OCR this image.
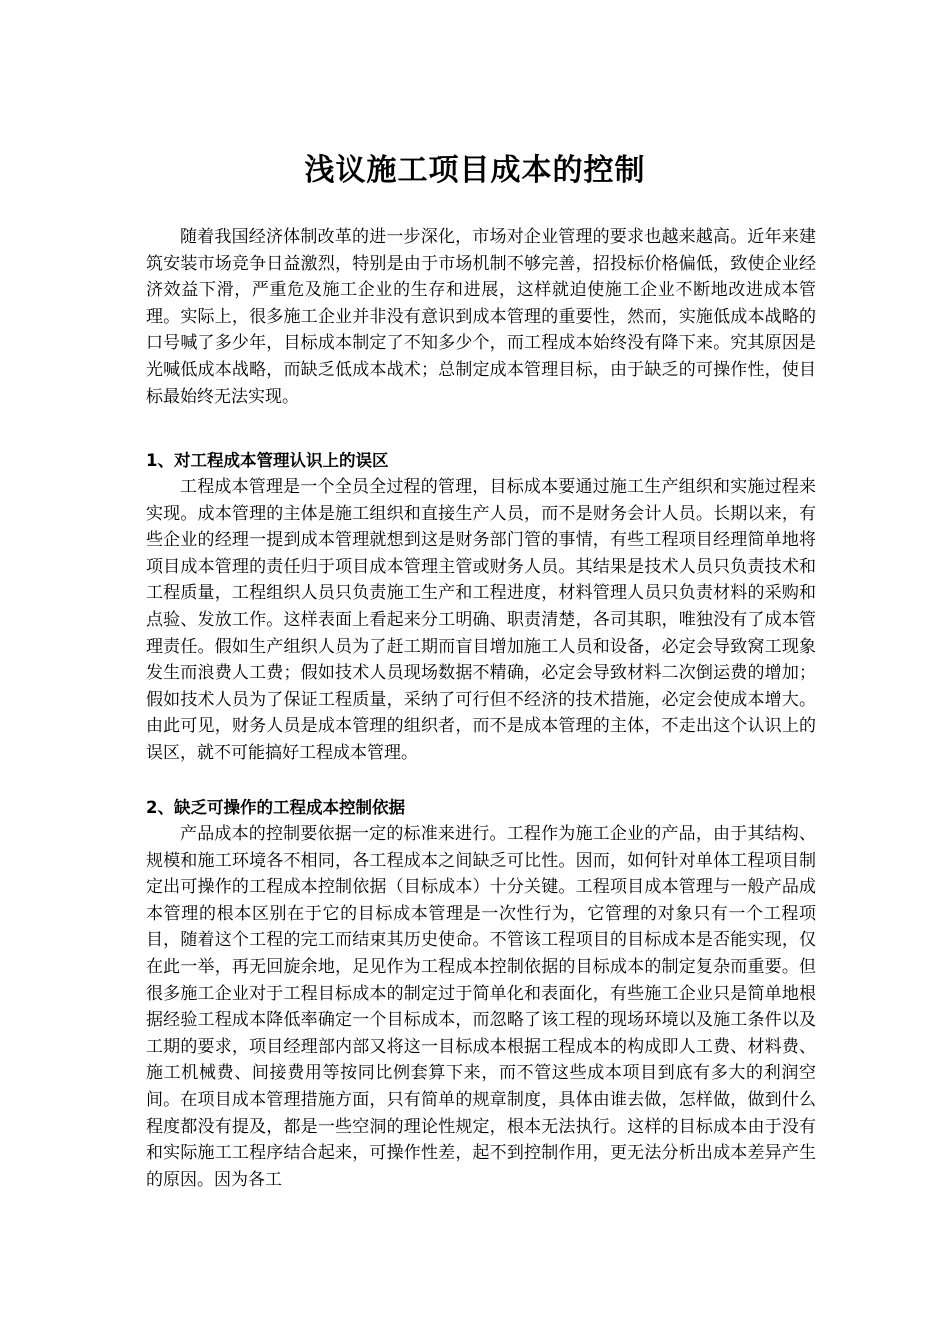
浅议施工项目成本的控制

随着我国经济体制改革的进一步深化，市场对企业管理的要求也越来越高。近年来建筑安装市场竞争日益激烈，特别是由于市场机制不够完善，招投标价格偏低，致使企业经济效益下滑，严重危及施工企业的生存和进展，这样就迫使施工企业不断地改进成本管理。实际上，很多施工企业并非没有意识到成本管理的重要性，然而，实施低成本战略的口号喊了多少年，目标成本制定了不知多少个，而工程成本始终没有降下来。究其原因是光喊低成本战略，而缺乏低成本战术；总制定成本管理目标，由于缺乏的可操作性，使目标最始终无法实现。

1、对工程成本管理认识上的误区

工程成本管理是一个全员全过程的管理，目标成本要通过施工生产组织和实施过程来实现。成本管理的主体是施工组织和直接生产人员，而不是财务会计人员。长期以来，有些企业的经理一提到成本管理就想到这是财务部门管的事情，有些工程项目经理简单地将项目成本管理的责任归于项目成本管理主管或财务人员。其结果是技术人员只负责技术和工程质量，工程组织人员只负责施工生产和工程进度，材料管理人员只负责材料的采购和点验、发放工作。这样表面上看起来分工明确、职责清楚，各司其职，唯独没有了成本管理责任。假如生产组织人员为了赶工期而盲目增加施工人员和设备，必定会导致窝工现象发生而浪费人工费；假如技术人员现场数据不精确，必定会导致材料二次倒运费的增加；假如技术人员为了保证工程质量，采纳了可行但不经济的技术措施，必定会使成本增大。由此可见，财务人员是成本管理的组织者，而不是成本管理的主体，不走出这个认识上的误区，就不可能搞好工程成本管理。

2、缺乏可操作的工程成本控制依据

产品成本的控制要依据一定的标准来进行。工程作为施工企业的产品，由于其结构、规模和施工环境各不相同，各工程成本之间缺乏可比性。因而，如何针对单体工程项目制定出可操作的工程成本控制依据（目标成本）十分关键。工程项目成本管理与一般产品成本管理的根本区别在于它的目标成本管理是一次性行为，它管理的对象只有一个工程项目，随着这个工程的完工而结束其历史使命。不管该工程项目的目标成本是否能实现，仅在此一举，再无回旋余地，足见作为工程成本控制依据的目标成本的制定复杂而重要。但很多施工企业对于工程目标成本的制定过于简单化和表面化，有些施工企业只是简单地根据经验工程成本降低率确定一个目标成本，而忽略了该工程的现场环境以及施工条件以及工期的要求，项目经理部内部又将这一目标成本根据工程成本的构成即人工费、材料费、施工机械费、间接费用等按同比例套算下来，而不管这些成本项目到底有多大的利润空间。在项目成本管理措施方面，只有简单的规章制度，具体由谁去做，怎样做，做到什么程度都没有提及，都是一些空洞的理论性规定，根本无法执行。这样的目标成本由于没有和实际施工工程序结合起来，可操作性差，起不到控制作用，更无法分析出成本差异产生的原因。因为各工
